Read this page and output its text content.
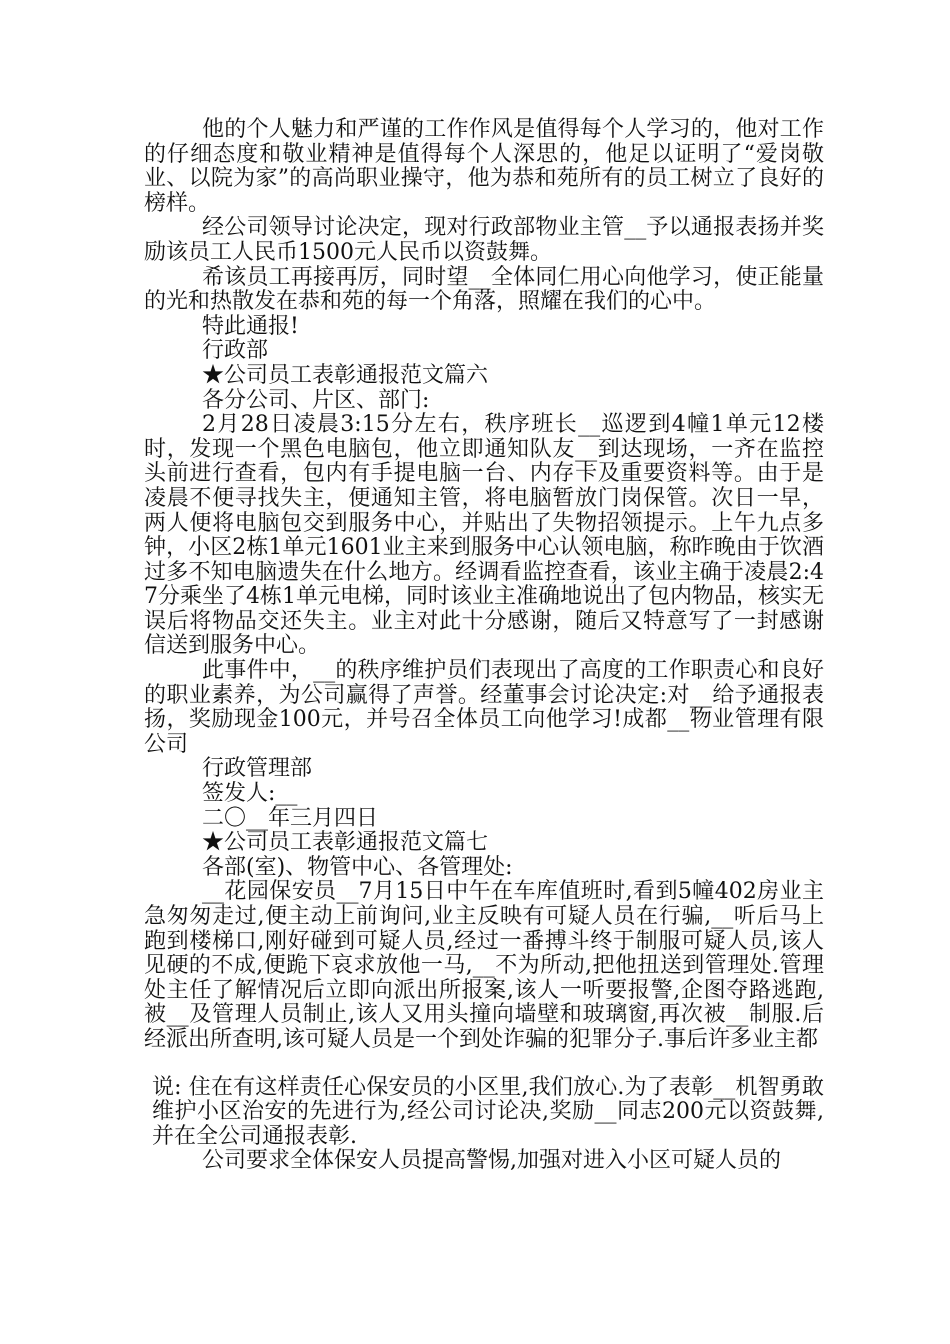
他的个人魅力和严谨的工作作风是值得每个人学习的，他对工作的仔细态度和敬业精神是值得每个人深思的，他足以证明了“爱岗敬业、以院为家”的高尚职业操守，他为恭和苑所有的员工树立了良好的榜样。

经公司领导讨论决定，现对行政部物业主管__予以通报表扬并奖励该员工人民币1500元人民币以资鼓舞。

希该员工再接再厉，同时望__全体同仁用心向他学习，使正能量的光和热散发在恭和苑的每一个角落，照耀在我们的心中。

特此通报!

行政部

★公司员工表彰通报范文篇六

各分公司、片区、部门:

2月28日凌晨3:15分左右，秩序班长__巡逻到4幢1单元12楼时，发现一个黑色电脑包，他立即通知队友__到达现场，一齐在监控头前进行查看，包内有手提电脑一台、内存卡及重要资料等。由于是凌晨不便寻找失主，便通知主管，将电脑暂放门岗保管。次日一早，两人便将电脑包交到服务中心，并贴出了失物招领提示。上午九点多钟，小区2栋1单元1601业主来到服务中心认领电脑，称昨晚由于饮酒过多不知电脑遗失在什么地方。经调看监控查看，该业主确于凌晨2:47分乘坐了4栋1单元电梯，同时该业主准确地说出了包内物品，核实无误后将物品交还失主。业主对此十分感谢，随后又特意写了一封感谢信送到服务中心。

此事件中，__的秩序维护员们表现出了高度的工作职责心和良好的职业素养，为公司赢得了声誉。经董事会讨论决定:对__给予通报表扬，奖励现金100元，并号召全体员工向他学习!成都__物业管理有限公司

行政管理部

签发人:__

二〇__年三月四日

★公司员工表彰通报范文篇七

各部(室)、物管中心、各管理处:

__花园保安员__7月15日中午在车库值班时,看到5幢402房业主急匆匆走过,便主动上前询问,业主反映有可疑人员在行骗,__听后马上跑到楼梯口,刚好碰到可疑人员,经过一番搏斗终于制服可疑人员,该人见硬的不成,便跪下哀求放他一马,__不为所动,把他扭送到管理处.管理处主任了解情况后立即向派出所报案,该人一听要报警,企图夺路逃跑,被__及管理人员制止,该人又用头撞向墙壁和玻璃窗,再次被__制服.后经派出所查明,该可疑人员是一个到处诈骗的犯罪分子.事后许多业主都

说: 住在有这样责任心保安员的小区里,我们放心.为了表彰__机智勇敢维护小区治安的先进行为,经公司讨论决,奖励__同志200元以资鼓舞,并在全公司通报表彰.

公司要求全体保安人员提高警惕,加强对进入小区可疑人员的
